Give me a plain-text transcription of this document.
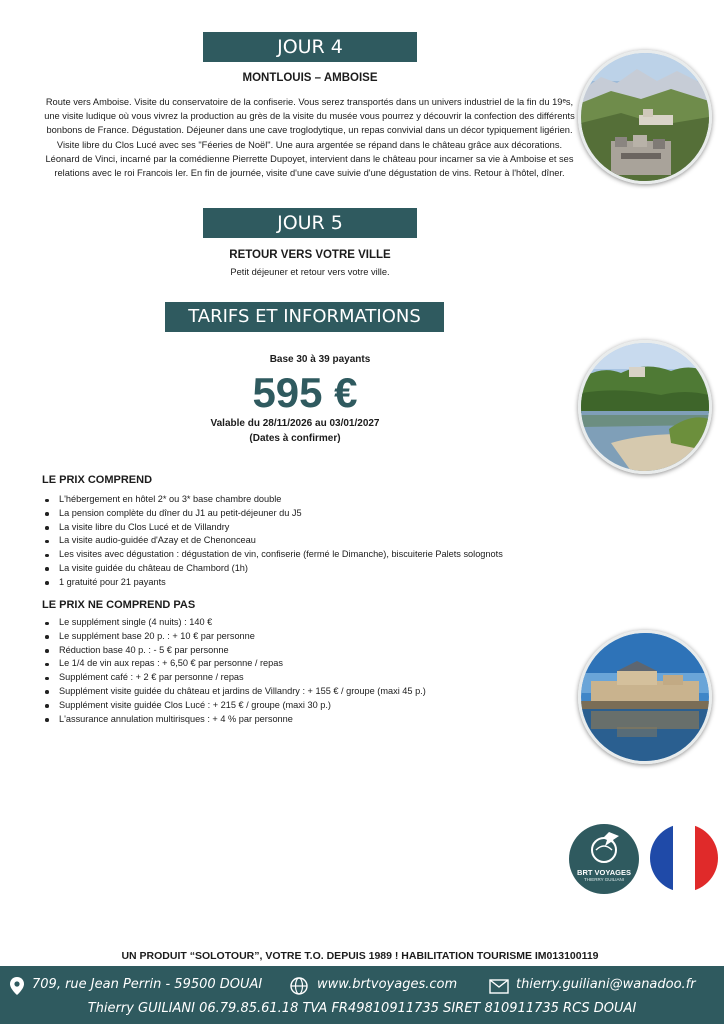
JOUR 4
MONTLOUIS – AMBOISE
Route vers Amboise. Visite du conservatoire de la confiserie. Vous serez transportés dans un univers industriel de la fin du 19ᵉs, une visite ludique où vous vivrez la production au grès de la visite du musée vous pourrez y découvrir la confection des différents bonbons de France. Dégustation. Déjeuner dans une cave troglodytique, un repas convivial dans un décor typiquement ligérien. Visite libre du Clos Lucé avec ses "Féeries de Noël". Une aura argentée se répand dans le château grâce aux décorations. Léonard de Vinci, incarné par la comédienne Pierrette Dupoyet, intervient dans le château pour incarner sa vie à Amboise et ses relations avec le roi Francois Ier. En fin de journée, visite d'une cave suivie d'une dégustation de vins. Retour à l'hôtel, dîner.
JOUR 5
RETOUR VERS VOTRE VILLE
Petit déjeuner et retour vers votre ville.
TARIFS ET INFORMATIONS
Base 30 à 39 payants
595 €
Valable du 28/11/2026 au 03/01/2027
(Dates à confirmer)
LE PRIX COMPREND
L'hébergement en hôtel 2* ou 3* base chambre double
La pension complète du dîner du J1 au petit-déjeuner du J5
La visite libre du Clos Lucé et de Villandry
La visite audio-guidée d'Azay et de Chenonceau
Les visites avec dégustation : dégustation de vin, confiserie (fermé le Dimanche), biscuiterie Palets solognots
La visite guidée du château de Chambord (1h)
1 gratuité pour 21 payants
LE PRIX NE COMPREND PAS
Le supplément single (4 nuits) : 140 €
Le supplément base 20 p. : + 10 € par personne
Réduction base 40 p. : - 5 € par personne
Le 1/4 de vin aux repas : + 6,50 € par personne / repas
Supplément café : + 2 € par personne / repas
Supplément visite guidée du château et jardins de Villandry : + 155 € / groupe (maxi 45 p.)
Supplément visite guidée Clos Lucé : + 215 € / groupe (maxi 30 p.)
L'assurance annulation multirisques : + 4 % par personne
BRT VOYAGES
THIERRY GUILIANI
UN PRODUIT “SOLOTOUR”, VOTRE T.O. DEPUIS 1989 ! HABILITATION TOURISME IM013100119
709, rue Jean Perrin - 59500 DOUAI	www.brtvoyages.com	thierry.guiliani@wanadoo.fr
Thierry GUILIANI 06.79.85.61.18 TVA FR49810911735 SIRET 810911735 RCS DOUAI
